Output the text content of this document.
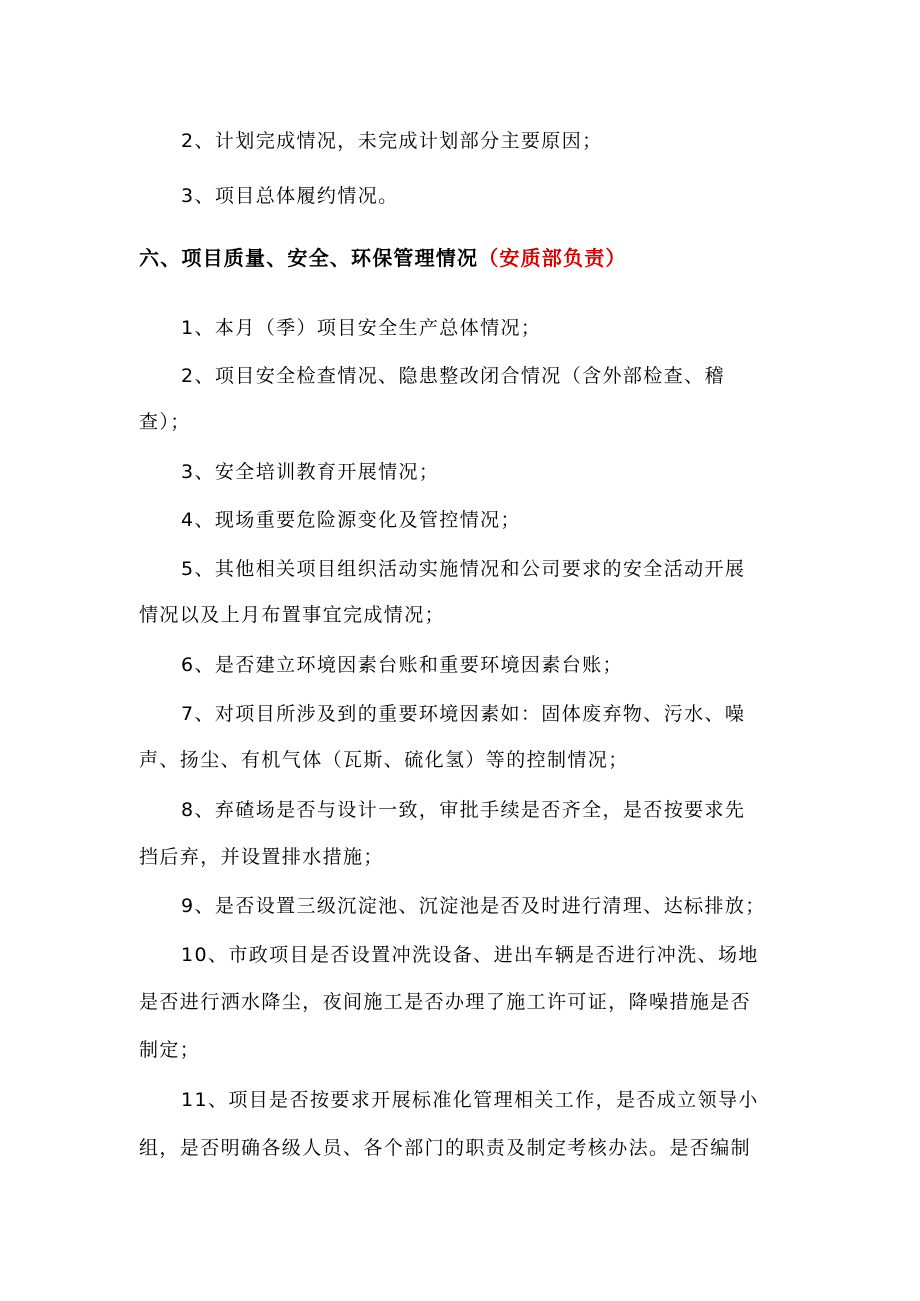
2、计划完成情况，未完成计划部分主要原因；
3、项目总体履约情况。
六、项目质量、安全、环保管理情况（安质部负责）
1、本月（季）项目安全生产总体情况；
2、项目安全检查情况、隐患整改闭合情况（含外部检查、稽
查）；
3、安全培训教育开展情况；
4、现场重要危险源变化及管控情况；
5、其他相关项目组织活动实施情况和公司要求的安全活动开展
情况以及上月布置事宜完成情况；
6、是否建立环境因素台账和重要环境因素台账；
7、对项目所涉及到的重要环境因素如：固体废弃物、污水、噪
声、扬尘、有机气体（瓦斯、硫化氢）等的控制情况；
8、弃碴场是否与设计一致，审批手续是否齐全，是否按要求先
挡后弃，并设置排水措施；
9、是否设置三级沉淀池、沉淀池是否及时进行清理、达标排放；
10、市政项目是否设置冲洗设备、进出车辆是否进行冲洗、场地
是否进行洒水降尘，夜间施工是否办理了施工许可证，降噪措施是否
制定；
11、项目是否按要求开展标准化管理相关工作，是否成立领导小
组，是否明确各级人员、各个部门的职责及制定考核办法。是否编制
